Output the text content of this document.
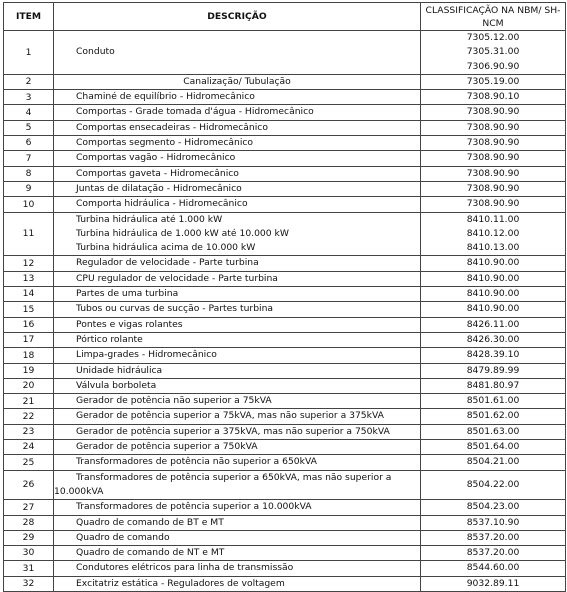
ITEM	DESCRIÇÃO	CLASSIFICAÇÃO NA NBM/ SH-NCM
1	Conduto	7305.12.00
7305.31.00
7306.90.90

2	Canalização/ Tubulação	7305.19.00

3	Chaminé de equilíbrio - Hidromecânico	7308.90.10

4	Comportas - Grade tomada d'água - Hidromecânico	7308.90.90

5	Comportas ensecadeiras - Hidromecânico	7308.90.90

6	Comportas segmento - Hidromecânico	7308.90.90

7	Comportas vagão - Hidromecânico	7308.90.90

8	Comportas gaveta - Hidromecânico	7308.90.90

9	Juntas de dilatação - Hidromecânico	7308.90.90

10	Comporta hidráulica - Hidromecânico	7308.90.90

11	Turbina hidráulica até 1.000 kW
Turbina hidráulica de 1.000 kW até 10.000 kW
Turbina hidráulica acima de 10.000 kW	8410.11.00
8410.12.00
8410.13.00

12	Regulador de velocidade - Parte turbina	8410.90.00

13	CPU regulador de velocidade - Parte turbina	8410.90.00

14	Partes de uma turbina	8410.90.00

15	Tubos ou curvas de sucção - Partes turbina	8410.90.00

16	Pontes e vigas rolantes	8426.11.00

17	Pórtico rolante	8426.30.00

18	Limpa-grades - Hidromecânico	8428.39.10

19	Unidade hidráulica	8479.89.99

20	Válvula borboleta	8481.80.97

21	Gerador de potência não superior a 75kVA	8501.61.00

22	Gerador de potência superior a 75kVA, mas não superior a 375kVA	8501.62.00

23	Gerador de potência superior a 375kVA, mas não superior a 750kVA	8501.63.00

24	Gerador de potência superior a 750kVA	8501.64.00

25	Transformadores de potência não superior a 650kVA	8504.21.00

26	Transformadores de potência superior a 650kVA, mas não superior a
10.000kVA	8504.22.00

27	Transformadores de potência superior a 10.000kVA	8504.23.00

28	Quadro de comando de BT e MT	8537.10.90

29	Quadro de comando	8537.20.00

30	Quadro de comando de NT e MT	8537.20.00

31	Condutores elétricos para linha de transmissão	8544.60.00

32	Excitatriz estática - Reguladores de voltagem	9032.89.11
